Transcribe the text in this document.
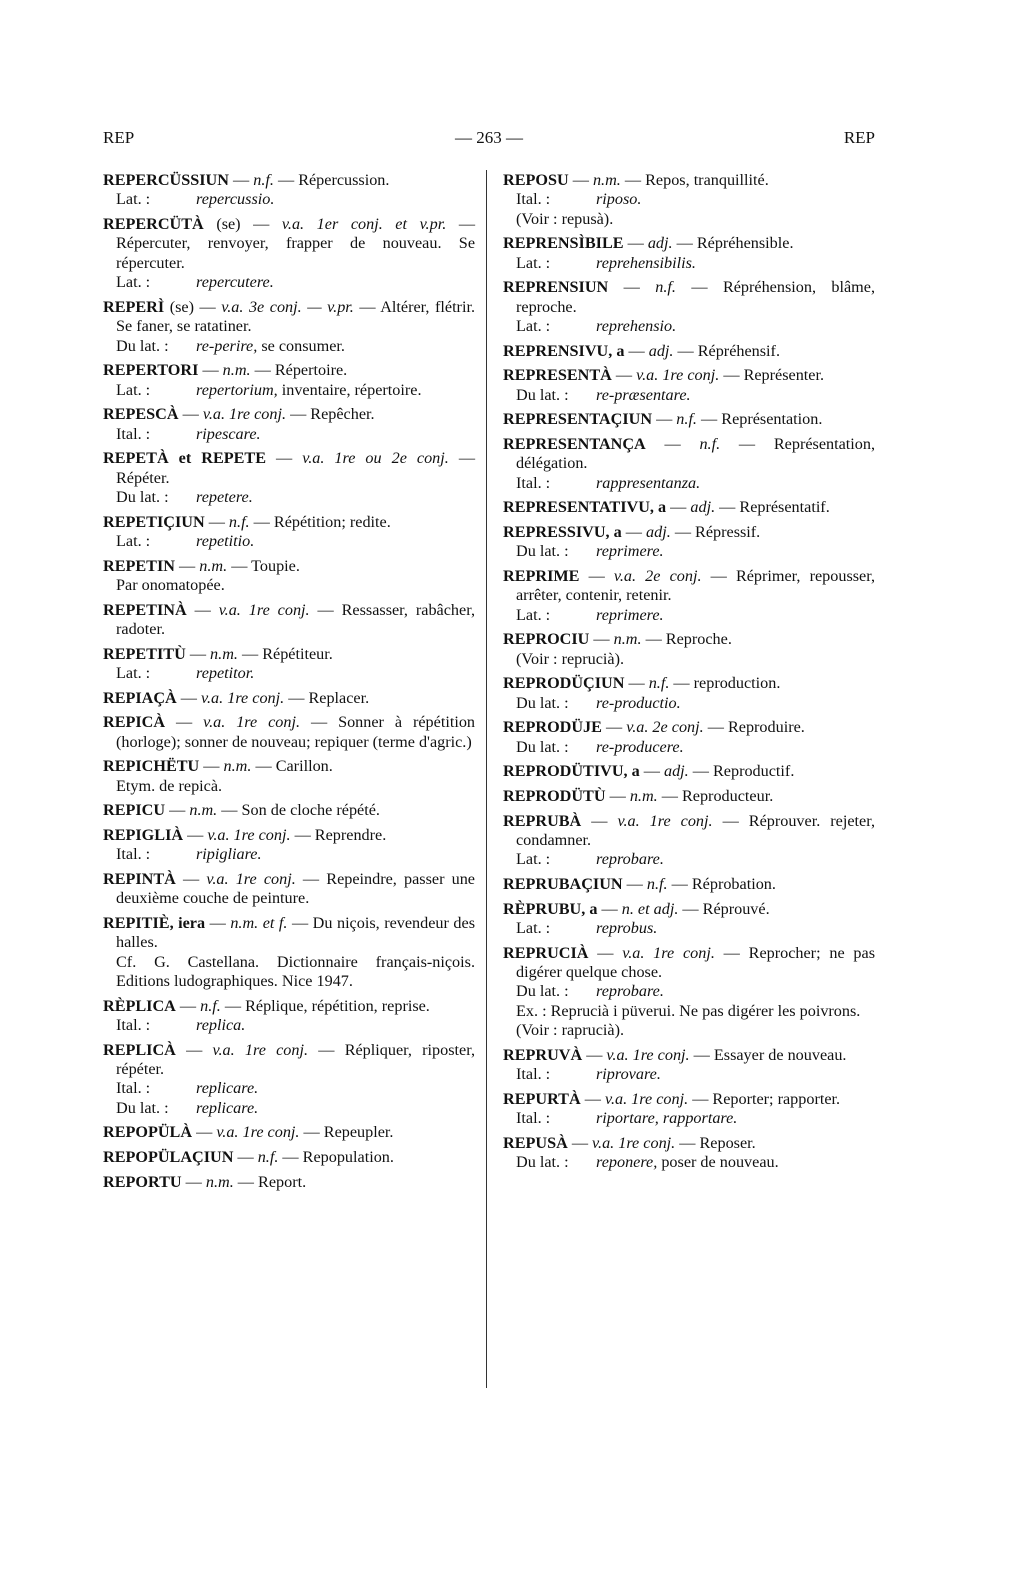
REP	— 263 —	REP
REPERCÜSSIUN — n.f. — Répercussion.
Lat. :	repercussio.
REPERCÜTÀ (se) — v.a. 1er conj. et v.pr. — Répercuter, renvoyer, frapper de nouveau. Se répercuter.
Lat. :	repercutere.
REPERÌ (se) — v.a. 3e conj. — v.pr. — Altérer, flétrir. Se faner, se ratatiner.
Du lat. : re-perire, se consumer.
REPERTORI — n.m. — Répertoire.
Lat. :	repertorium, inventaire, répertoire.
REPESCÀ — v.a. 1re conj. — Repêcher.
Ital. :	ripescare.
REPETÀ et REPETE — v.a. 1re ou 2e conj. — Répéter.
Du lat. : repetere.
REPETIÇIUN — n.f. — Répétition; redite.
Lat. :	repetitio.
REPETIN — n.m. — Toupie.
Par onomatopée.
REPETINÀ — v.a. 1re conj. — Ressasser, rabâcher, radoter.
REPETITÙ — n.m. — Répétiteur.
Lat. :	repetitor.
REPIAÇÀ — v.a. 1re conj. — Replacer.
REPICÀ — v.a. 1re conj. — Sonner à répétition (horloge); sonner de nouveau; repiquer (terme d'agric.)
REPICHËTU — n.m. — Carillon.
Etym. de repicà.
REPICU — n.m. — Son de cloche répété.
REPIGLIÀ — v.a. 1re conj. — Reprendre.
Ital. :	ripigliare.
REPINTÀ — v.a. 1re conj. — Repeindre, passer une deuxième couche de peinture.
REPITIÈ, iera — n.m. et f. — Du niçois, revendeur des halles.
Cf. G. Castellana. Dictionnaire français-niçois. Editions ludographiques. Nice 1947.
RÈPLICA — n.f. — Réplique, répétition, reprise.
Ital. :	replica.
REPLICÀ — v.a. 1re conj. — Répliquer, riposter, répéter.
Ital. :	replicare.
Du lat. : replicare.
REPOPÜLÀ — v.a. 1re conj. — Repeupler.
REPOPÜLAÇIUN — n.f. — Repopulation.
REPORTU — n.m. — Report.
REPOSU — n.m. — Repos, tranquillité.
Ital. :	riposo.
(Voir : repusà).
REPRENSÌBILE — adj. — Répréhensible.
Lat. :	reprehensibilis.
REPRENSIUN — n.f. — Répréhension, blâme, reproche.
Lat. :	reprehensio.
REPRENSIVU, a — adj. — Répréhensif.
REPRESENTÀ — v.a. 1re conj. — Représenter.
Du lat. : re-præsentare.
REPRESENTAÇIUN — n.f. — Représentation.
REPRESENTANÇA — n.f. — Représentation, délégation.
Ital. :	rappresentanza.
REPRESENTATIVU, a — adj. — Représentatif.
REPRESSIVU, a — adj. — Répressif.
Du lat. : reprimere.
REPRIME — v.a. 2e conj. — Réprimer, repousser, arrêter, contenir, retenir.
Lat. :	reprimere.
REPROCIU — n.m. — Reproche.
(Voir : reprucià).
REPRODÜÇIUN — n.f. — reproduction.
Du lat. : re-productio.
REPRODÜJE — v.a. 2e conj. — Reproduire.
Du lat. : re-producere.
REPRODÜTIVU, a — adj. — Reproductif.
REPRODÜTÙ — n.m. — Reproducteur.
REPRUBÀ — v.a. 1re conj. — Réprouver. rejeter, condamner.
Lat. :	reprobare.
REPRUBAÇIUN — n.f. — Réprobation.
RÈPRUBU, a — n. et adj. — Réprouvé.
Lat. :	reprobus.
REPRUCIÀ — v.a. 1re conj. — Reprocher; ne pas digérer quelque chose.
Du lat. : reprobare.
Ex. : Reprucià i püverui. Ne pas digérer les poivrons.
(Voir : raprucià).
REPRUVÀ — v.a. 1re conj. — Essayer de nouveau.
Ital. :	riprovare.
REPURTÀ — v.a. 1re conj. — Reporter; rapporter.
Ital. :	riportare, rapportare.
REPUSÀ — v.a. 1re conj. — Reposer.
Du lat. : reponere, poser de nouveau.
